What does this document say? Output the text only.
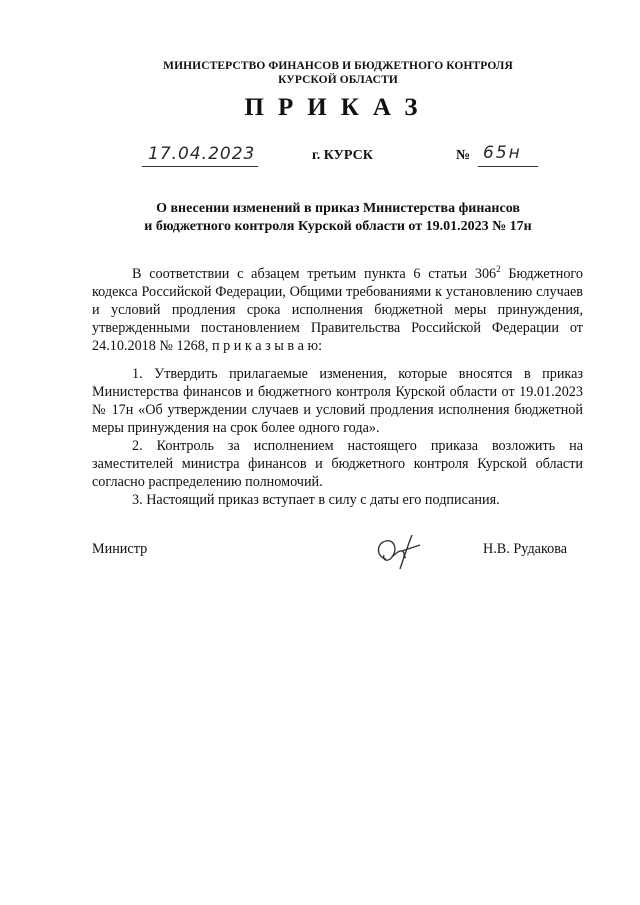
МИНИСТЕРСТВО ФИНАНСОВ И БЮДЖЕТНОГО КОНТРОЛЯ
КУРСКОЙ ОБЛАСТИ
ПРИКАЗ
17.04.2023	г. КУРСК	№ 65н
О внесении изменений в приказ Министерства финансов
и бюджетного контроля Курской области от 19.01.2023 № 17н

В соответствии с абзацем третьим пункта 6 статьи $306^2$ Бюджетного кодекса Российской Федерации, Общими требованиями к установлению случаев и условий продления срока исполнения бюджетной меры принуждения, утвержденными постановлением Правительства Российской Федерации от 24.10.2018 № 1268, п р и к а з ы в а ю:

1. Утвердить прилагаемые изменения, которые вносятся в приказ Министерства финансов и бюджетного контроля Курской области от 19.01.2023 № 17н «Об утверждении случаев и условий продления исполнения бюджетной меры принуждения на срок более одного года».

2. Контроль за исполнением настоящего приказа возложить на заместителей министра финансов и бюджетного контроля Курской области согласно распределению полномочий.

3. Настоящий приказ вступает в силу с даты его подписания.

Министр	Н.В. Рудакова
